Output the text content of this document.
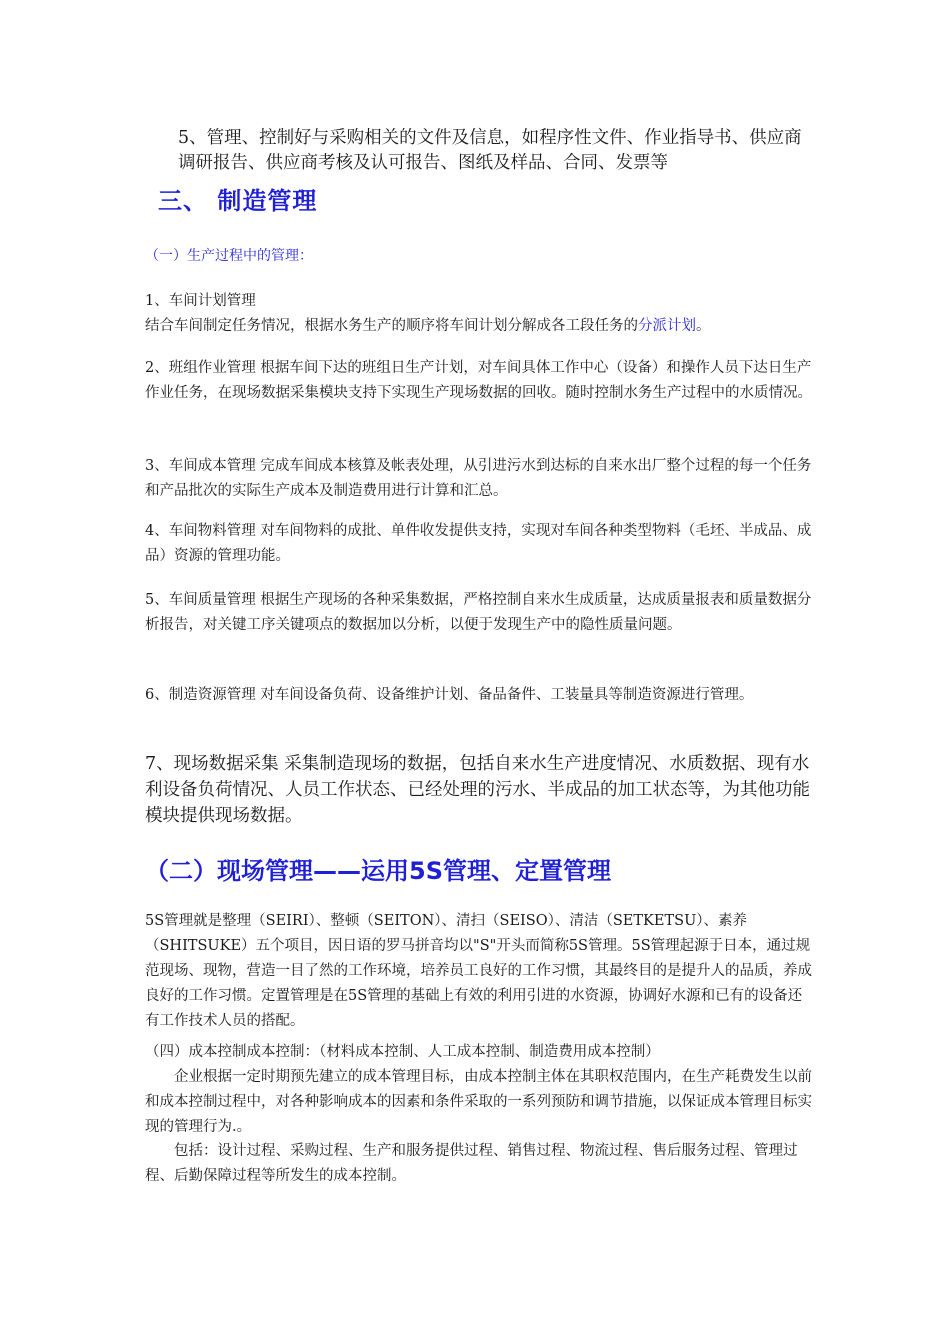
5、管理、控制好与采购相关的文件及信息，如程序性文件、作业指导书、供应商调研报告、供应商考核及认可报告、图纸及样品、合同、发票等

三、 制造管理

（一）生产过程中的管理：

1、车间计划管理
结合车间制定任务情况，根据水务生产的顺序将车间计划分解成各工段任务的分派计划。

2、班组作业管理 根据车间下达的班组日生产计划，对车间具体工作中心（设备）和操作人员下达日生产作业任务，在现场数据采集模块支持下实现生产现场数据的回收。随时控制水务生产过程中的水质情况。

3、车间成本管理 完成车间成本核算及帐表处理，从引进污水到达标的自来水出厂整个过程的每一个任务和产品批次的实际生产成本及制造费用进行计算和汇总。

4、车间物料管理 对车间物料的成批、单件收发提供支持，实现对车间各种类型物料（毛坯、半成品、成品）资源的管理功能。

5、车间质量管理 根据生产现场的各种采集数据，严格控制自来水生成质量，达成质量报表和质量数据分析报告，对关键工序关键项点的数据加以分析，以便于发现生产中的隐性质量问题。

6、制造资源管理 对车间设备负荷、设备维护计划、备品备件、工装量具等制造资源进行管理。

7、现场数据采集 采集制造现场的数据，包括自来水生产进度情况、水质数据、现有水利设备负荷情况、人员工作状态、已经处理的污水、半成品的加工状态等，为其他功能模块提供现场数据。

（二）现场管理——运用5S管理、定置管理

5S管理就是整理（SEIRI）、整顿（SEITON）、清扫（SEISO）、清洁（SETKETSU）、素养（SHITSUKE）五个项目，因日语的罗马拼音均以"S"开头而简称5S管理。5S管理起源于日本，通过规范现场、现物，营造一目了然的工作环境，培养员工良好的工作习惯，其最终目的是提升人的品质，养成良好的工作习惯。定置管理是在5S管理的基础上有效的利用引进的水资源，协调好水源和已有的设备还有工作技术人员的搭配。

（四）成本控制成本控制：（材料成本控制、人工成本控制、制造费用成本控制）

企业根据一定时期预先建立的成本管理目标，由成本控制主体在其职权范围内，在生产耗费发生以前和成本控制过程中，对各种影响成本的因素和条件采取的一系列预防和调节措施，以保证成本管理目标实现的管理行为.。

包括：设计过程、采购过程、生产和服务提供过程、销售过程、物流过程、售后服务过程、管理过程、后勤保障过程等所发生的成本控制。
